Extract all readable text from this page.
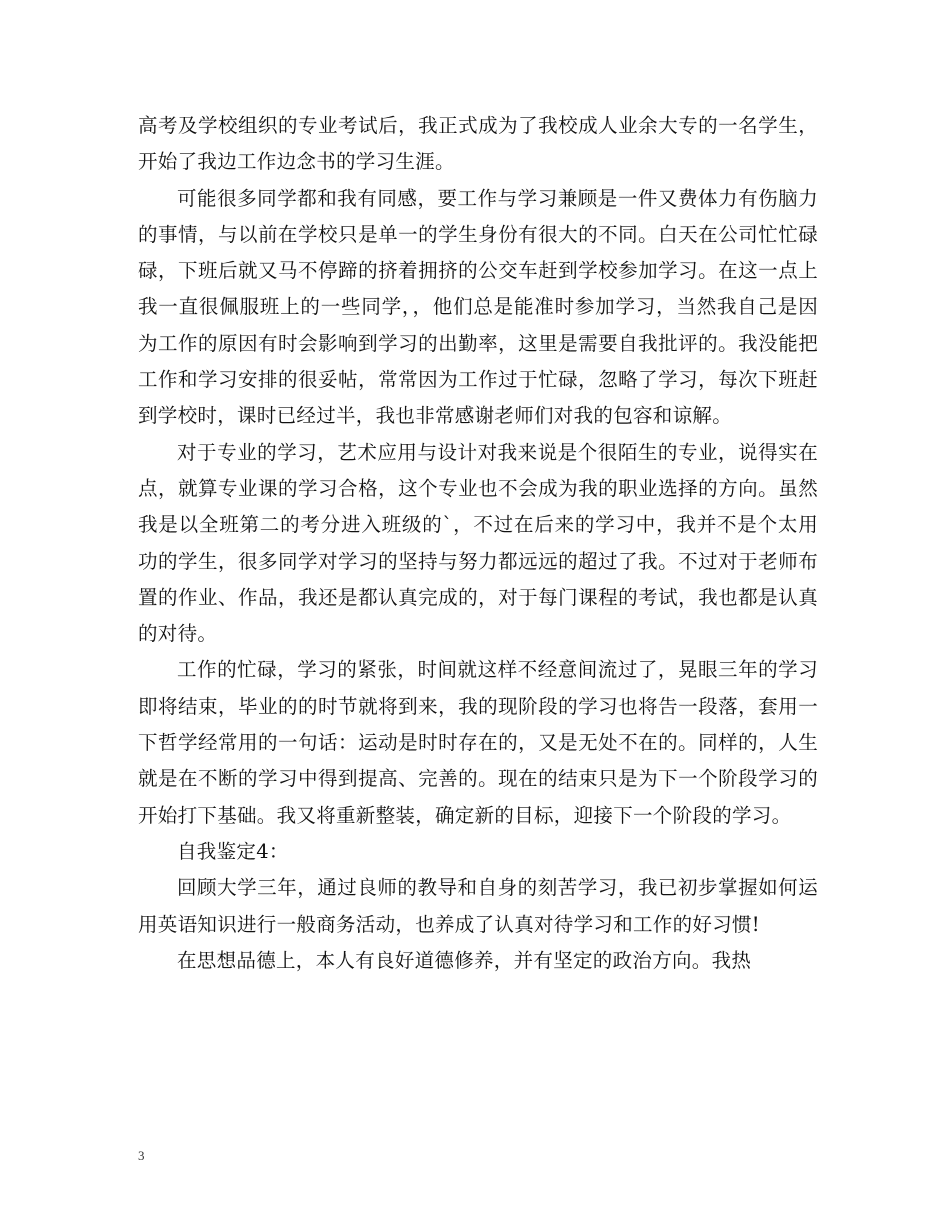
高考及学校组织的专业考试后，我正式成为了我校成人业余大专的一名学生，开始了我边工作边念书的学习生涯。

可能很多同学都和我有同感，要工作与学习兼顾是一件又费体力有伤脑力的事情，与以前在学校只是单一的学生身份有很大的不同。白天在公司忙忙碌碌，下班后就又马不停蹄的挤着拥挤的公交车赶到学校参加学习。在这一点上我一直很佩服班上的一些同学，，他们总是能准时参加学习，当然我自己是因为工作的原因有时会影响到学习的出勤率，这里是需要自我批评的。我没能把工作和学习安排的很妥帖，常常因为工作过于忙碌，忽略了学习，每次下班赶到学校时，课时已经过半，我也非常感谢老师们对我的包容和谅解。

对于专业的学习，艺术应用与设计对我来说是个很陌生的专业，说得实在点，就算专业课的学习合格，这个专业也不会成为我的职业选择的方向。虽然我是以全班第二的考分进入班级的`，不过在后来的学习中，我并不是个太用功的学生，很多同学对学习的坚持与努力都远远的超过了我。不过对于老师布置的作业、作品，我还是都认真完成的，对于每门课程的考试，我也都是认真的对待。

工作的忙碌，学习的紧张，时间就这样不经意间流过了，晃眼三年的学习即将结束，毕业的的时节就将到来，我的现阶段的学习也将告一段落，套用一下哲学经常用的一句话：运动是时时存在的，又是无处不在的。同样的，人生就是在不断的学习中得到提高、完善的。现在的结束只是为下一个阶段学习的开始打下基础。我又将重新整装，确定新的目标，迎接下一个阶段的学习。

自我鉴定4：

回顾大学三年，通过良师的教导和自身的刻苦学习，我已初步掌握如何运用英语知识进行一般商务活动，也养成了认真对待学习和工作的好习惯!

在思想品德上，本人有良好道德修养，并有坚定的政治方向。我热

3
